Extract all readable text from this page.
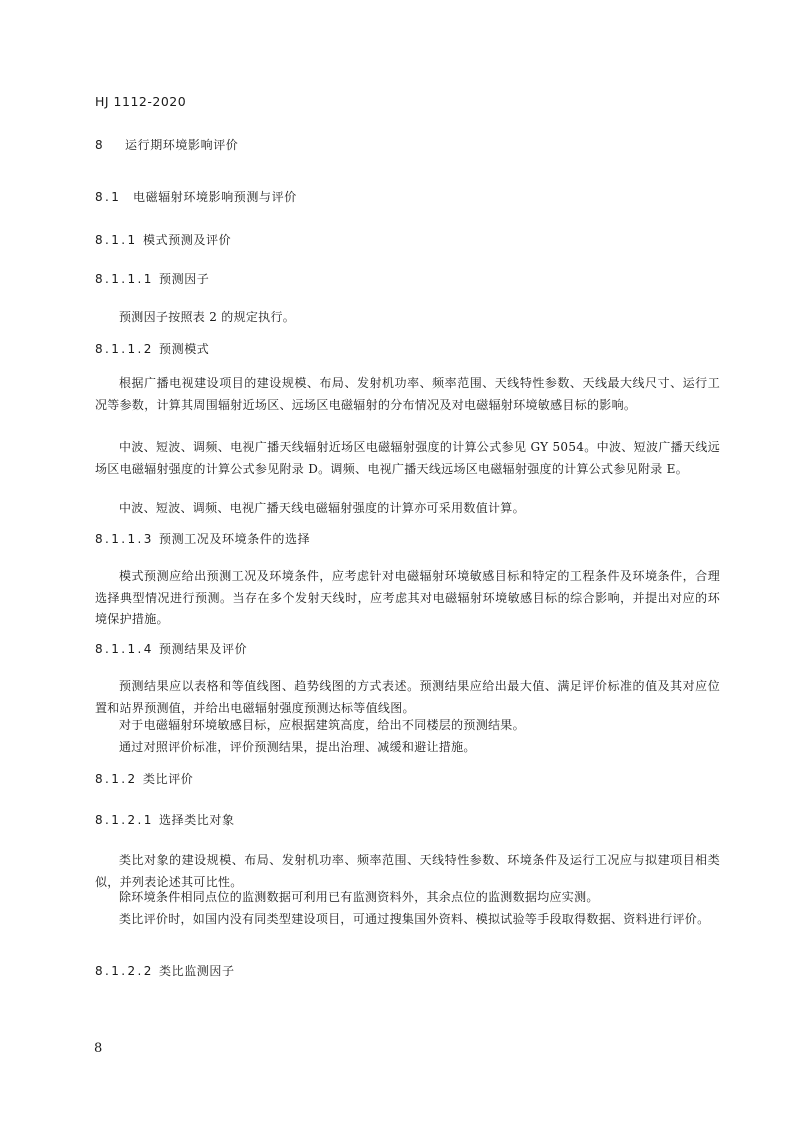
HJ 1112-2020
8 运行期环境影响评价
8.1 电磁辐射环境影响预测与评价
8.1.1 模式预测及评价
8.1.1.1 预测因子
预测因子按照表 2 的规定执行。
8.1.1.2 预测模式
根据广播电视建设项目的建设规模、布局、发射机功率、频率范围、天线特性参数、天线最大线尺寸、运行工况等参数，计算其周围辐射近场区、远场区电磁辐射的分布情况及对电磁辐射环境敏感目标的影响。
中波、短波、调频、电视广播天线辐射近场区电磁辐射强度的计算公式参见 GY 5054。中波、短波广播天线远场区电磁辐射强度的计算公式参见附录 D。调频、电视广播天线远场区电磁辐射强度的计算公式参见附录 E。
中波、短波、调频、电视广播天线电磁辐射强度的计算亦可采用数值计算。
8.1.1.3 预测工况及环境条件的选择
模式预测应给出预测工况及环境条件，应考虑针对电磁辐射环境敏感目标和特定的工程条件及环境条件，合理选择典型情况进行预测。当存在多个发射天线时，应考虑其对电磁辐射环境敏感目标的综合影响，并提出对应的环境保护措施。
8.1.1.4 预测结果及评价
预测结果应以表格和等值线图、趋势线图的方式表述。预测结果应给出最大值、满足评价标准的值及其对应位置和站界预测值，并给出电磁辐射强度预测达标等值线图。
对于电磁辐射环境敏感目标，应根据建筑高度，给出不同楼层的预测结果。
通过对照评价标准，评价预测结果，提出治理、减缓和避让措施。
8.1.2 类比评价
8.1.2.1 选择类比对象
类比对象的建设规模、布局、发射机功率、频率范围、天线特性参数、环境条件及运行工况应与拟建项目相类似，并列表论述其可比性。
除环境条件相同点位的监测数据可利用已有监测资料外，其余点位的监测数据均应实测。
类比评价时，如国内没有同类型建设项目，可通过搜集国外资料、模拟试验等手段取得数据、资料进行评价。
8.1.2.2 类比监测因子
8
